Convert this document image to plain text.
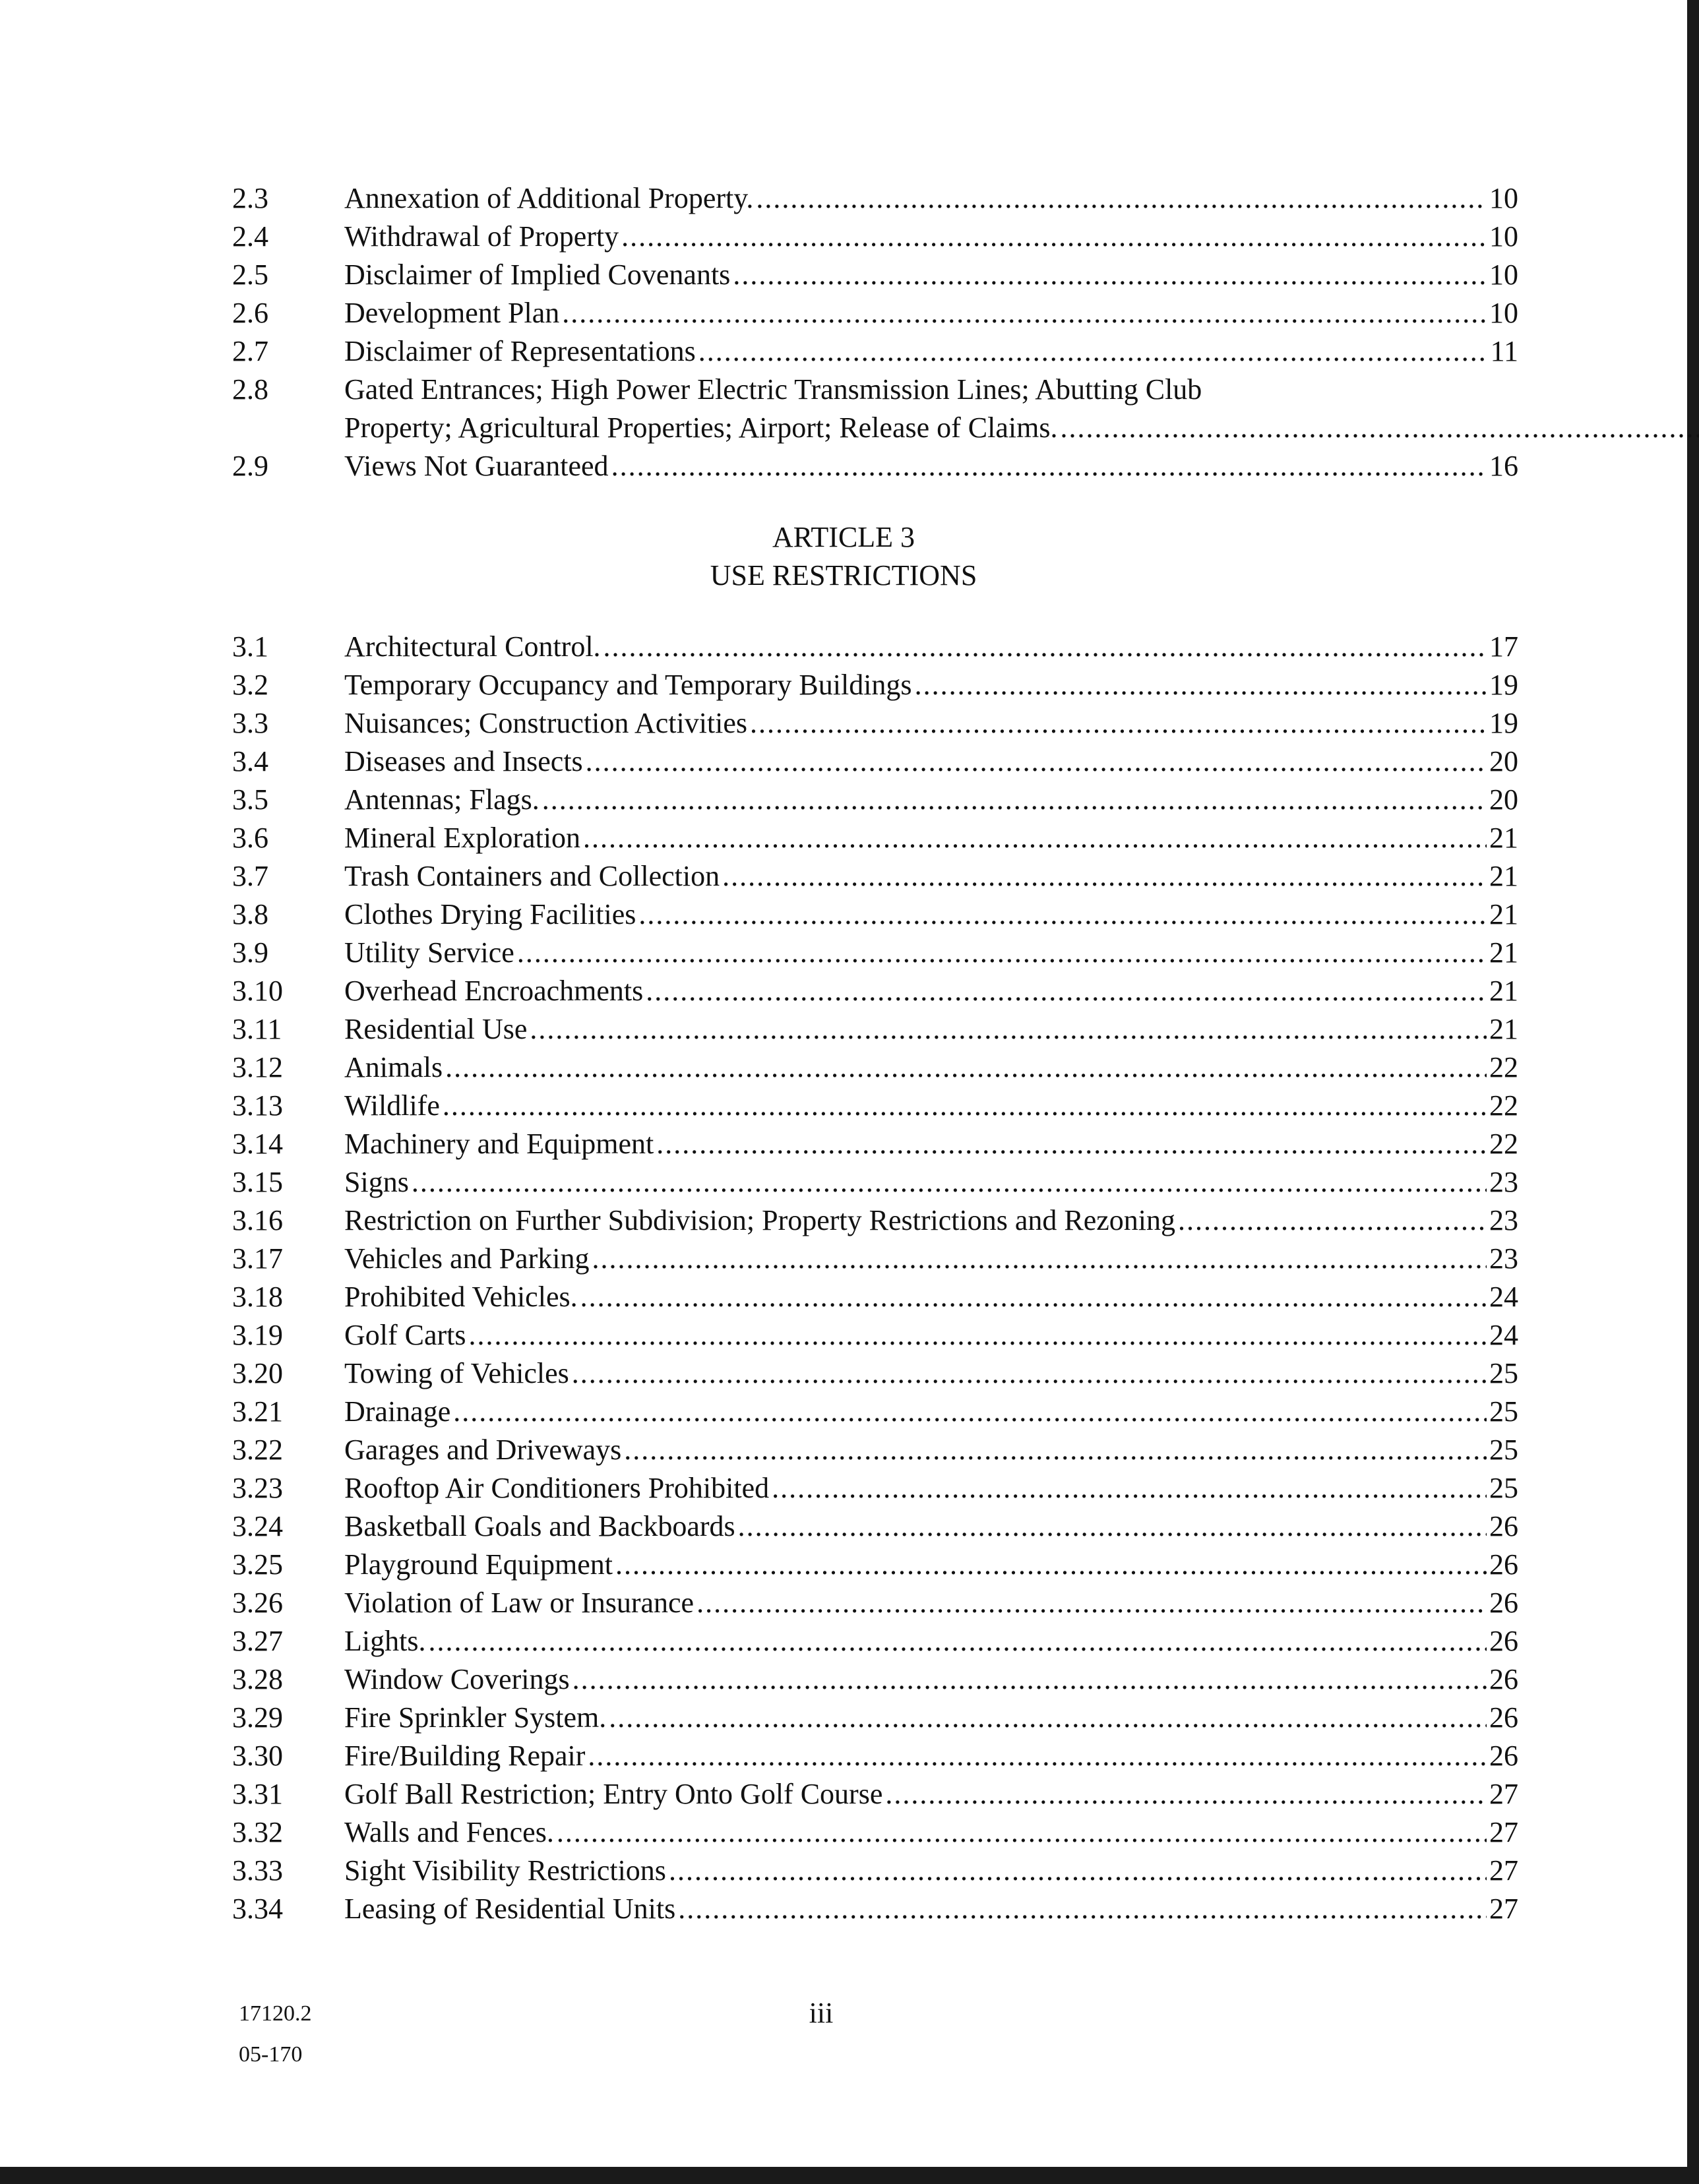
2.3	Annexation of Additional Property. .....	10
2.4	Withdrawal of Property .....	10
2.5	Disclaimer of Implied Covenants .....	10
2.6	Development Plan .....	10
2.7	Disclaimer of Representations .....	11
2.8	Gated Entrances; High Power Electric Transmission Lines; Abutting Club
Property; Agricultural Properties; Airport; Release of Claims.
.....
2.9	Views Not Guaranteed .....	16
ARTICLE 3
USE RESTRICTIONS
3.1	Architectural Control. .....	17
3.2	Temporary Occupancy and Temporary Buildings .....	19
3.3	Nuisances; Construction Activities .....	19
3.4	Diseases and Insects .....	20
3.5	Antennas; Flags. .....	20
3.6	Mineral Exploration .....	21
3.7	Trash Containers and Collection .....	21
3.8	Clothes Drying Facilities .....	21
3.9	Utility Service .....	21
3.10	Overhead Encroachments .....	21
3.11	Residential Use .....	21
3.12	Animals .....	22
3.13	Wildlife .....	22
3.14	Machinery and Equipment .....	22
3.15	Signs .....	23
3.16	Restriction on Further Subdivision; Property Restrictions and Rezoning .....	23
3.17	Vehicles and Parking .....	23
3.18	Prohibited Vehicles. .....	24
3.19	Golf Carts .....	24
3.20	Towing of Vehicles .....	25
3.21	Drainage .....	25
3.22	Garages and Driveways .....	25
3.23	Rooftop Air Conditioners Prohibited .....	25
3.24	Basketball Goals and Backboards .....	26
3.25	Playground Equipment .....	26
3.26	Violation of Law or Insurance .....	26
3.27	Lights. .....	26
3.28	Window Coverings .....	26
3.29	Fire Sprinkler System. .....	26
3.30	Fire/Building Repair .....	26
3.31	Golf Ball Restriction; Entry Onto Golf Course .....	27
3.32	Walls and Fences. .....	27
3.33	Sight Visibility Restrictions .....	27
3.34	Leasing of Residential Units .....	27
17120.2
05-170
iii
